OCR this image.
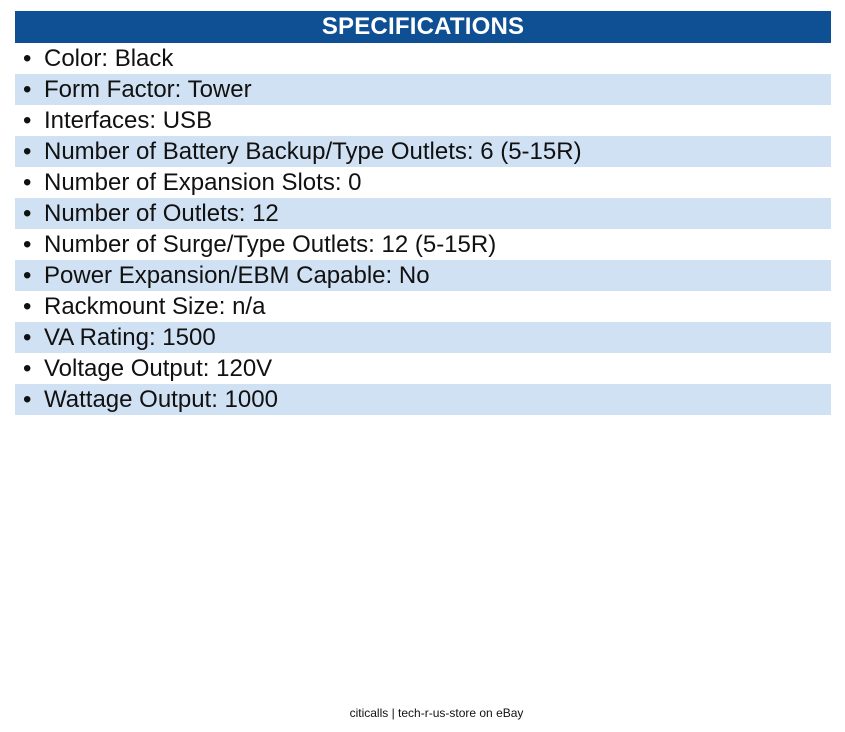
SPECIFICATIONS
• Color: Black
• Form Factor: Tower
• Interfaces: USB
• Number of Battery Backup/Type Outlets: 6 (5-15R)
• Number of Expansion Slots: 0
• Number of Outlets: 12
• Number of Surge/Type Outlets: 12 (5-15R)
• Power Expansion/EBM Capable: No
• Rackmount Size: n/a
• VA Rating: 1500
• Voltage Output: 120V
• Wattage Output: 1000
citicalls | tech-r-us-store on eBay
